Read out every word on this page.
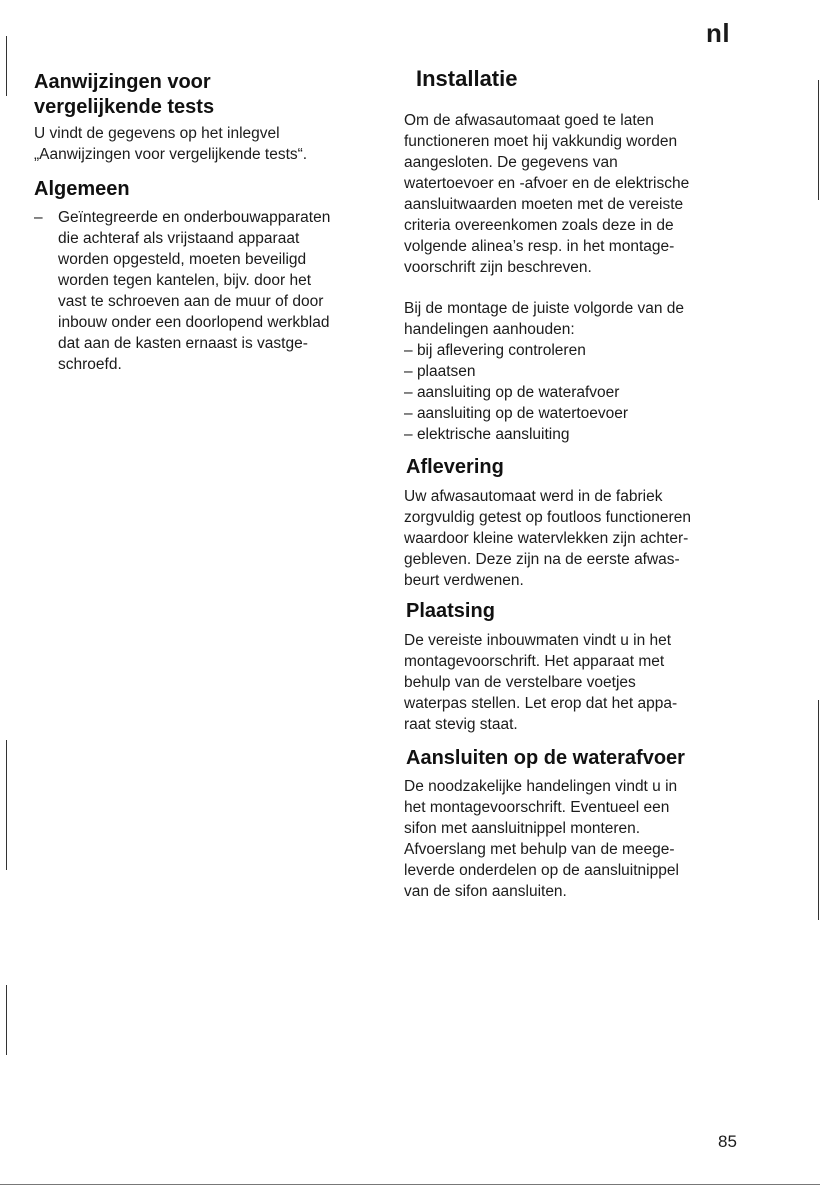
nl
Aanwijzingen voor
vergelijkende tests

U vindt de gegevens op het inlegvel
„Aanwijzingen voor vergelijkende tests“.

Algemeen
– Geïntegreerde en onderbouwapparaten
die achteraf als vrijstaand apparaat
worden opgesteld, moeten beveiligd
worden tegen kantelen, bijv. door het
vast te schroeven aan de muur of door
inbouw onder een doorlopend werkblad
dat aan de kasten ernaast is vastge-
schroefd.
Installatie

Om de afwasautomaat goed te laten
functioneren moet hij vakkundig worden
aangesloten. De gegevens van
watertoevoer en -afvoer en de elektrische
aansluitwaarden moeten met de vereiste
criteria overeenkomen zoals deze in de
volgende alinea’s resp. in het montage-
voorschrift zijn beschreven.

Bij de montage de juiste volgorde van de
handelingen aanhouden:

– bij aflevering controleren
– plaatsen
– aansluiting op de waterafvoer
– aansluiting op de watertoevoer
– elektrische aansluiting
Aflevering

Uw afwasautomaat werd in de fabriek
zorgvuldig getest op foutloos functioneren
waardoor kleine watervlekken zijn achter-
gebleven. Deze zijn na de eerste afwas-
beurt verdwenen.

Plaatsing

De vereiste inbouwmaten vindt u in het
montagevoorschrift. Het apparaat met
behulp van de verstelbare voetjes
waterpas stellen. Let erop dat het appa-
raat stevig staat.

Aansluiten op de waterafvoer

De noodzakelijke handelingen vindt u in
het montagevoorschrift. Eventueel een
sifon met aansluitnippel monteren.
Afvoerslang met behulp van de meege-
leverde onderdelen op de aansluitnippel
van de sifon aansluiten.

85
